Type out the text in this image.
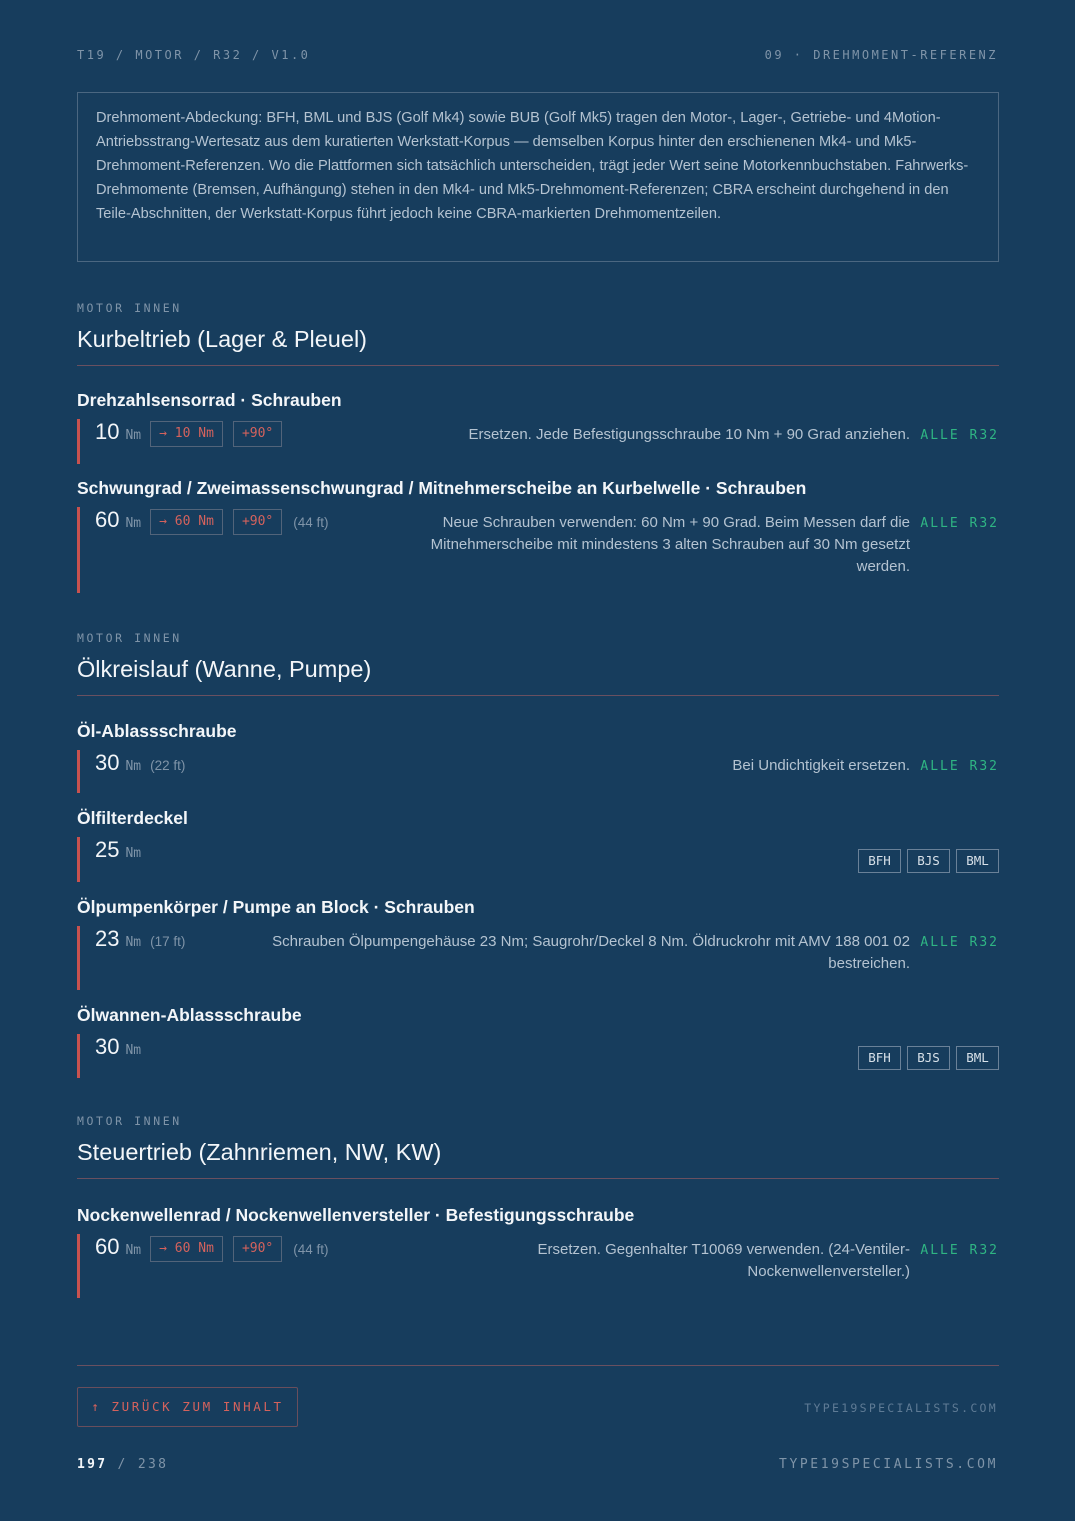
T19 / MOTOR / R32 / V1.0	09 · DREHMOMENT-REFERENZ
Drehmoment-Abdeckung: BFH, BML und BJS (Golf Mk4) sowie BUB (Golf Mk5) tragen den Motor-, Lager-, Getriebe- und 4Motion-Antriebsstrang-Wertesatz aus dem kuratierten Werkstatt-Korpus — demselben Korpus hinter den erschienenen Mk4- und Mk5-Drehmoment-Referenzen. Wo die Plattformen sich tatsächlich unterscheiden, trägt jeder Wert seine Motorkennbuchstaben. Fahrwerks-Drehmomente (Bremsen, Aufhängung) stehen in den Mk4- und Mk5-Drehmoment-Referenzen; CBRA erscheint durchgehend in den Teile-Abschnitten, der Werkstatt-Korpus führt jedoch keine CBRA-markierten Drehmomentzeilen.
MOTOR INNEN
Kurbeltrieb (Lager & Pleuel)
Drehzahlsensorrad · Schrauben
10 Nm	→ 10 Nm	+90°	Ersetzen. Jede Befestigungsschraube 10 Nm + 90 Grad anziehen. ALLE R32
Schwungrad / Zweimassenschwungrad / Mitnehmerscheibe an Kurbelwelle · Schrauben
60 Nm	→ 60 Nm	+90°	(44 ft)	Neue Schrauben verwenden: 60 Nm + 90 Grad. Beim Messen darf die
Mitnehmerscheibe mit mindestens 3 alten Schrauben auf 30 Nm gesetzt
werden.
ALLE R32
MOTOR INNEN
Ölkreislauf (Wanne, Pumpe)
Öl-Ablassschraube
30 Nm (22 ft)	Bei Undichtigkeit ersetzen. ALLE R32
Ölfilterdeckel
25 Nm	BFH	BJS	BML
Ölpumpenkörper / Pumpe an Block · Schrauben
23 Nm (17 ft)	Schrauben Ölpumpengehäuse 23 Nm; Saugrohr/Deckel 8 Nm. Öldruckrohr mit AMV 188 001 02
bestreichen.
ALLE R32
Ölwannen-Ablassschraube
30 Nm	BFH	BJS	BML
MOTOR INNEN
Steuertrieb (Zahnriemen, NW, KW)
Nockenwellenrad / Nockenwellenversteller · Befestigungsschraube
60 Nm	→ 60 Nm	+90°	(44 ft)	Ersetzen. Gegenhalter T10069 verwenden. (24-Ventiler-
Nockenwellenversteller.)
ALLE R32
↑ ZURÜCK ZUM INHALT	TYPE19SPECIALISTS.COM
197 / 238	TYPE19SPECIALISTS.COM
